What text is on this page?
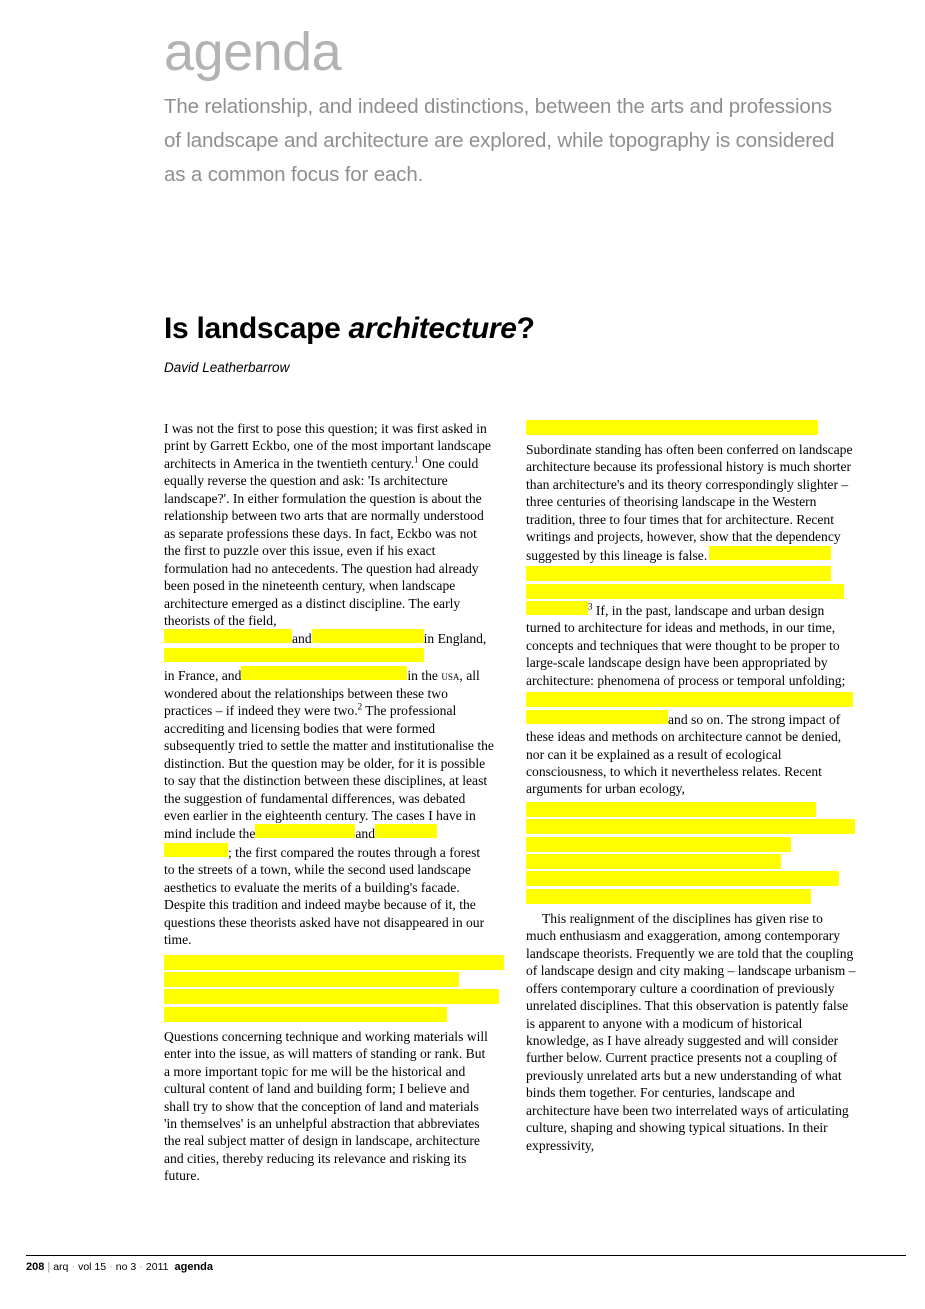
agenda

The relationship, and indeed distinctions, between the arts and professions of landscape and architecture are explored, while topography is considered as a common focus for each.

Is landscape architecture?

David Leatherbarrow

I was not the first to pose this question; it was first asked in print by Garrett Eckbo, one of the most important landscape architects in America in the twentieth century.$^1$ One could equally reverse the question and ask: 'Is architecture landscape?'. In either formulation the question is about the relationship between two arts that are normally understood as separate professions these days. In fact, Eckbo was not the first to puzzle over this issue, even if his exact formulation had no antecedents. The question had already been posed in the nineteenth century, when landscape architecture emerged as a distinct discipline. The early theorists of the field,

and	in England,
in France, and	in the usa, all wondered about the relationships between these two practices – if indeed they were two.$^2$ The professional accrediting and licensing bodies that were formed subsequently tried to settle the matter and institutionalise the distinction. But the question may be older, for it is possible to say that the distinction between these disciplines, at least the suggestion of fundamental differences, was debated even earlier in the eighteenth century. The cases I have in mind include the	and
; the first compared the routes through a forest to the streets of a town, while the second used landscape aesthetics to evaluate the merits of a building's facade. Despite this tradition and indeed maybe because of it, the questions these theorists asked have not disappeared in our time.

Questions concerning technique and working materials will enter into the issue, as will matters of standing or rank. But a more important topic for me will be the historical and cultural content of land and building form; I believe and shall try to show that the conception of land and materials 'in themselves' is an unhelpful abstraction that abbreviates the real subject matter of design in landscape, architecture and cities, thereby reducing its relevance and risking its future.

Subordinate standing has often been conferred on landscape architecture because its professional history is much shorter than architecture's and its theory correspondingly slighter – three centuries of theorising landscape in the Western tradition, three to four times that for architecture. Recent writings and projects, however, show that the dependency suggested by this lineage is false.

$^3$ If, in the past, landscape and urban design turned to architecture for ideas and methods, in our time, concepts and techniques that were thought to be proper to large-scale landscape design have been appropriated by architecture: phenomena of process or temporal unfolding;

and so on. The strong impact of these ideas and methods on architecture cannot be denied, nor can it be explained as a result of ecological consciousness, to which it nevertheless relates. Recent arguments for urban ecology,

This realignment of the disciplines has given rise to much enthusiasm and exaggeration, among contemporary landscape theorists. Frequently we are told that the coupling of landscape design and city making – landscape urbanism – offers contemporary culture a coordination of previously unrelated disciplines. That this observation is patently false is apparent to anyone with a modicum of historical knowledge, as I have already suggested and will consider further below. Current practice presents not a coupling of previously unrelated arts but a new understanding of what binds them together. For centuries, landscape and architecture have been two interrelated ways of articulating culture, shaping and showing typical situations. In their expressivity,

208 | arq · vol 15 · no 3 · 2011 agenda
